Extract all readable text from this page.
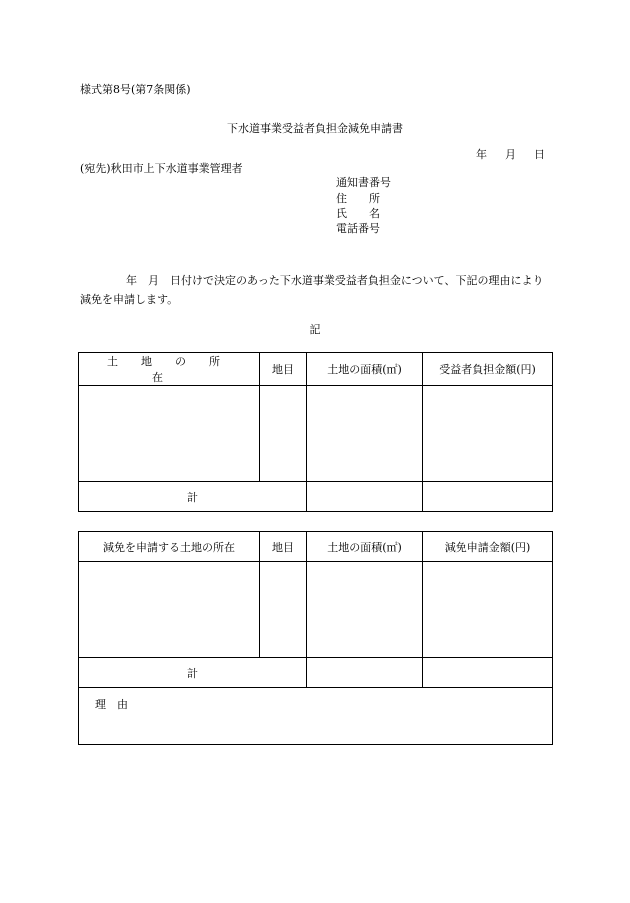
様式第8号(第7条関係)
下水道事業受益者負担金減免申請書
年 月 日
(宛先)秋田市上下水道事業管理者
通知書番号
住　　所
氏　　名
電話番号
年　月　日付けで決定のあった下水道事業受益者負担金について、下記の理由により減免を申請します。
記
土地の所在	地目	土地の面積(㎡)	受益者負担金額(円)

計			
減免を申請する土地の所在	地目	土地の面積(㎡)	減免申請金額(円)

計			
理　由			
